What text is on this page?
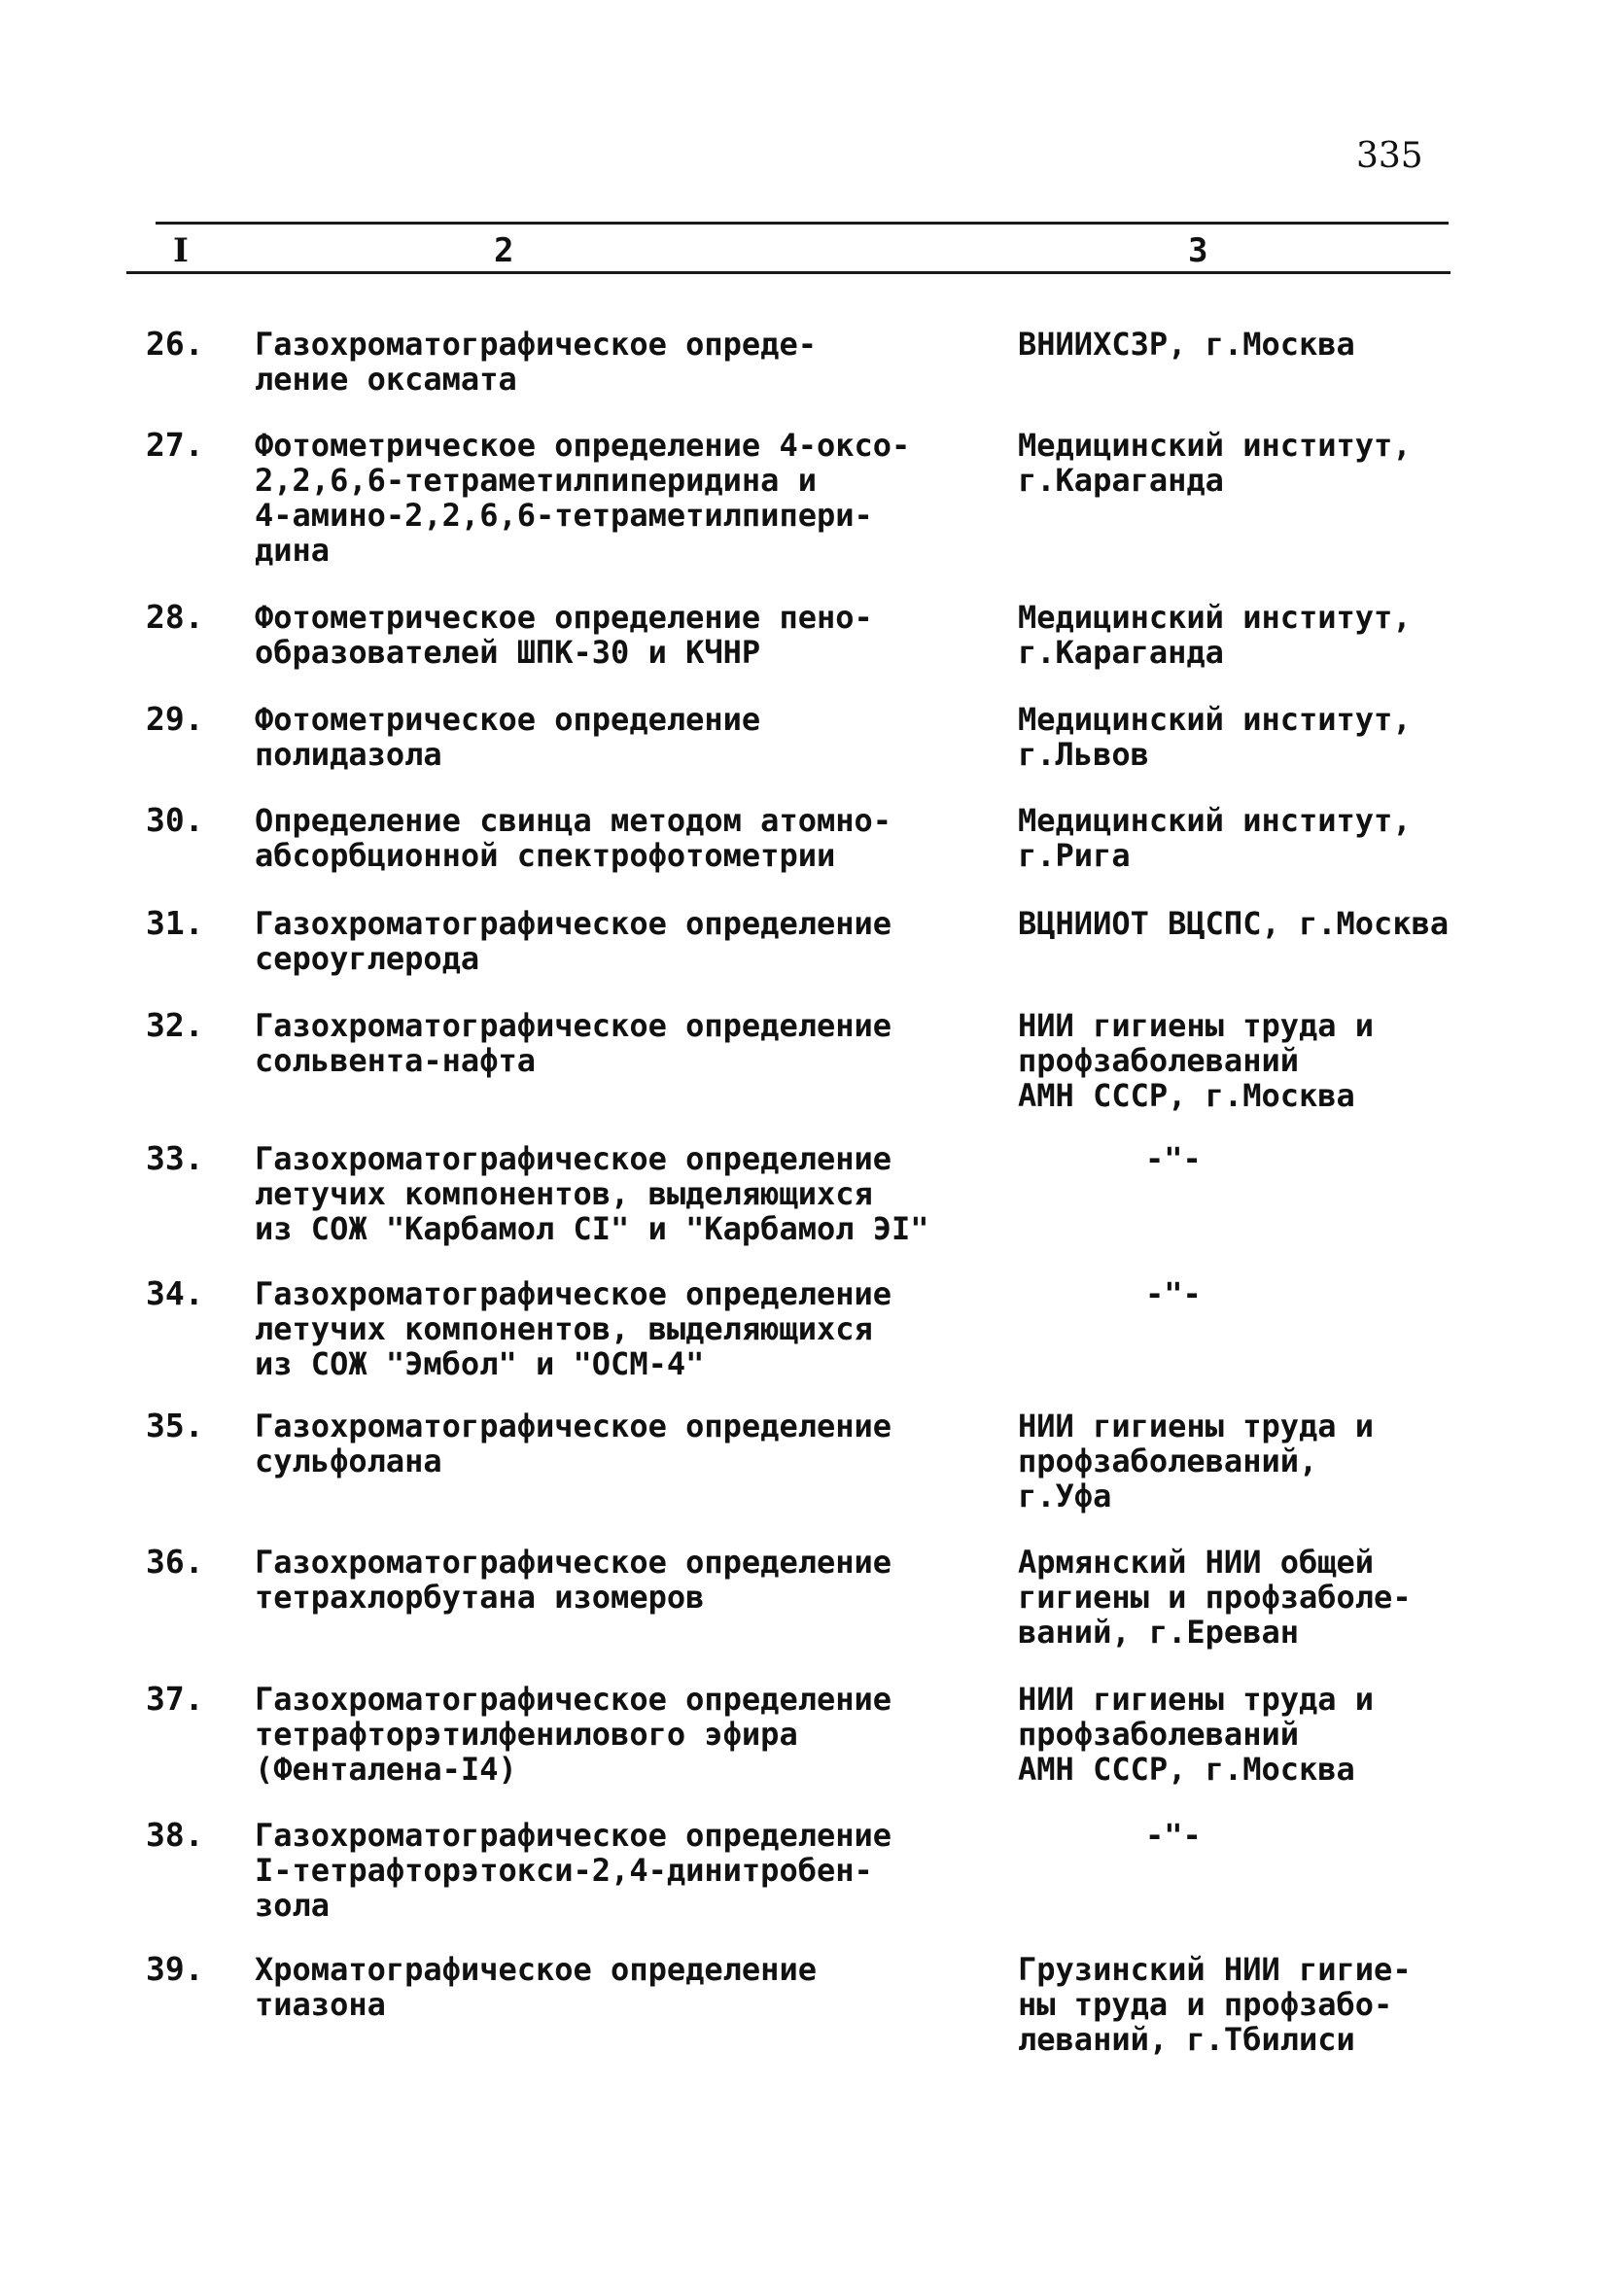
335
I	2	3
26. Газохроматографическое опреде-
ление оксамата
ВНИИХСЗР, г.Москва
27. Фотометрическое определение 4-оксо-
2,2,6,6-тетраметилпиперидина и
4-амино-2,2,6,6-тетраметилпипери-
дина
Медицинский институт,
г.Караганда
28. Фотометрическое определение пено-
образователей ШПК-30 и КЧНР
Медицинский институт,
г.Караганда
29. Фотометрическое определение
полидазола
Медицинский институт,
г.Львов
30. Определение свинца методом атомно-
абсорбционной спектрофотометрии
Медицинский институт,
г.Рига
31. Газохроматографическое определение
сероуглерода
ВЦНИИОТ ВЦСПС, г.Москва
32. Газохроматографическое определение
сольвента-нафта
НИИ гигиены труда и
профзаболеваний
АМН СССР, г.Москва
33. Газохроматографическое определение
летучих компонентов, выделяющихся
из СОЖ "Карбамол CI" и "Карбамол ЭI"
-"-
34. Газохроматографическое определение
летучих компонентов, выделяющихся
из СОЖ "Эмбол" и "ОСМ-4"
-"-
35. Газохроматографическое определение
сульфолана
НИИ гигиены труда и
профзаболеваний,
г.Уфа
36. Газохроматографическое определение
тетрахлорбутана изомеров
Армянский НИИ общей
гигиены и профзаболе-
ваний, г.Ереван
37. Газохроматографическое определение
тетрафторэтилфенилового эфира
(Фенталена-I4)
НИИ гигиены труда и
профзаболеваний
АМН СССР, г.Москва
38. Газохроматографическое определение
I-тетрафторэтокси-2,4-динитробен-
зола
-"-
39. Хроматографическое определение
тиазона
Грузинский НИИ гигие-
ны труда и профзабо-
леваний, г.Тбилиси
